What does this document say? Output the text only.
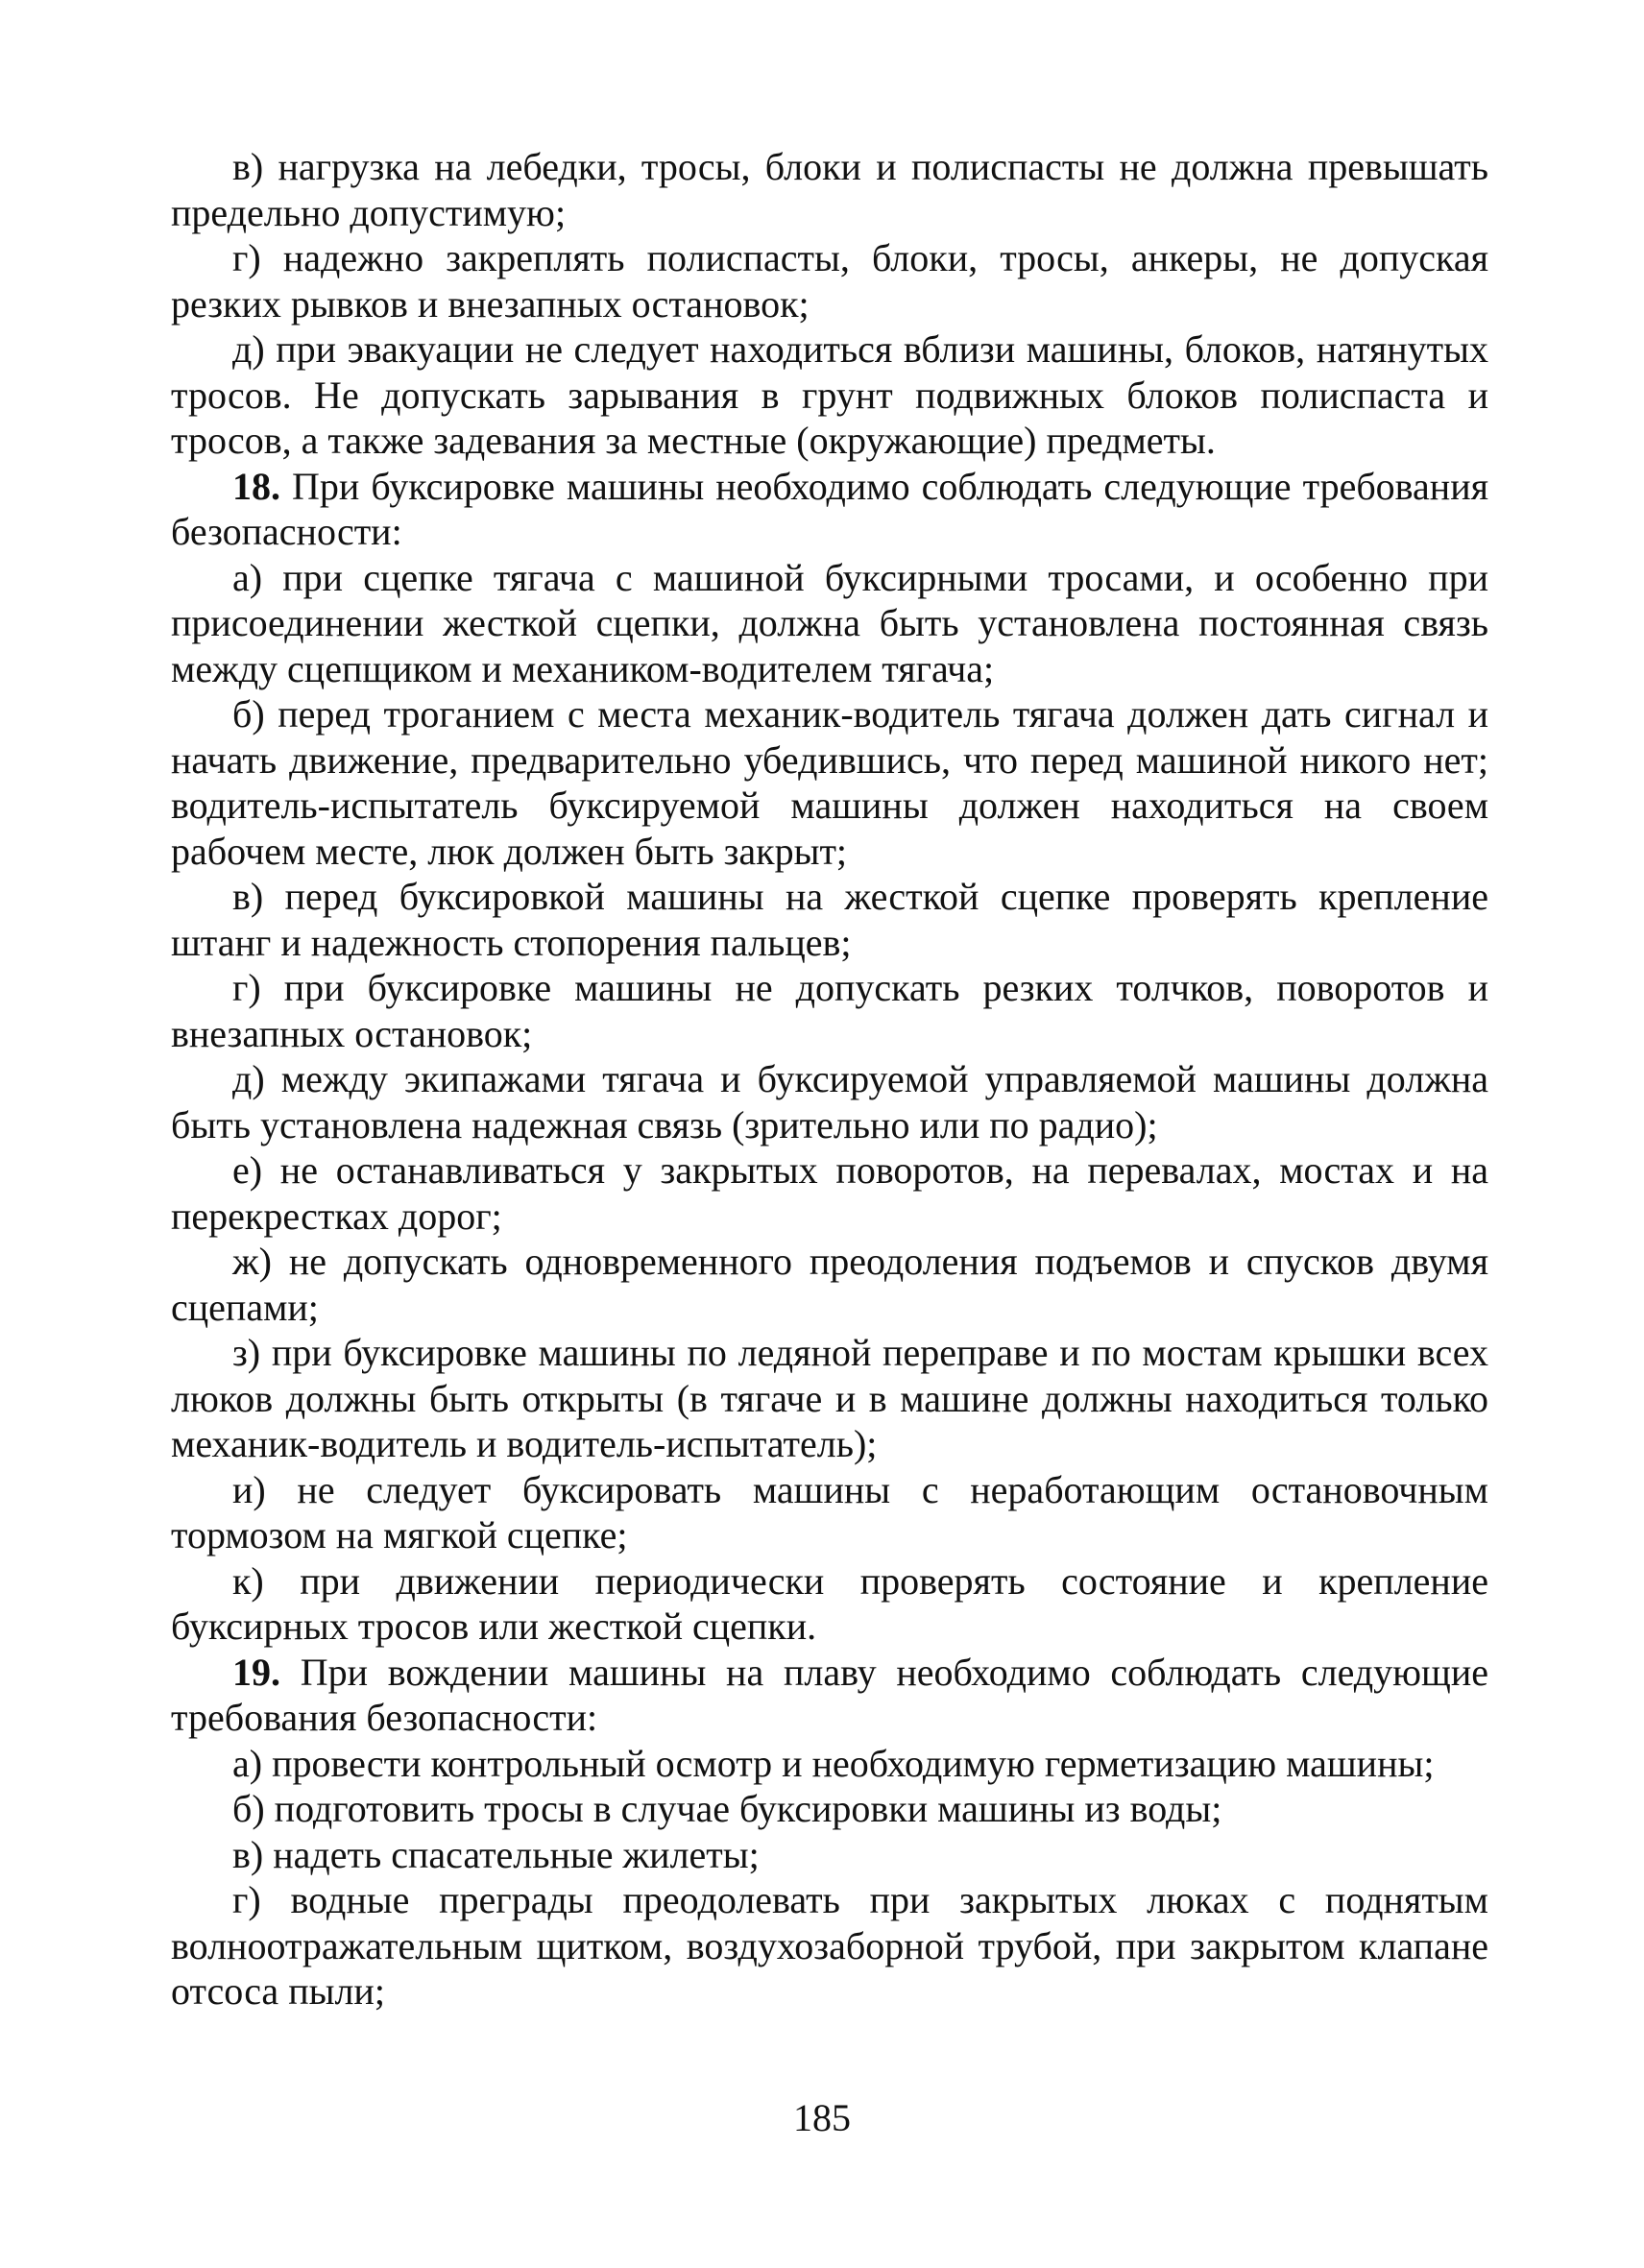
в) нагрузка на лебедки, тросы, блоки и полиспасты не должна превышать предельно допустимую;

г) надежно закреплять полиспасты, блоки, тросы, анкеры, не допуская резких рывков и внезапных остановок;

д) при эвакуации не следует находиться вблизи машины, блоков, натянутых тросов. Не допускать зарывания в грунт подвижных блоков полиспаста и тросов, а также задевания за местные (окружающие) предметы.

18. При буксировке машины необходимо соблюдать следующие требования безопасности:

а) при сцепке тягача с машиной буксирными тросами, и особенно при присоединении жесткой сцепки, должна быть установлена постоянная связь между сцепщиком и механиком-водителем тягача;

б) перед троганием с места механик-водитель тягача должен дать сигнал и начать движение, предварительно убедившись, что перед машиной никого нет; водитель-испытатель буксируемой машины должен находиться на своем рабочем месте, люк должен быть закрыт;

в) перед буксировкой машины на жесткой сцепке проверять крепление штанг и надежность стопорения пальцев;

г) при буксировке машины не допускать резких толчков, поворотов и внезапных остановок;

д) между экипажами тягача и буксируемой управляемой машины должна быть установлена надежная связь (зрительно или по радио);

е) не останавливаться у закрытых поворотов, на перевалах, мостах и на перекрестках дорог;

ж) не допускать одновременного преодоления подъемов и спусков двумя сцепами;

з) при буксировке машины по ледяной переправе и по мостам крышки всех люков должны быть открыты (в тягаче и в машине должны находиться только механик-водитель и водитель-испытатель);

и) не следует буксировать машины с неработающим остановочным тормозом на мягкой сцепке;

к) при движении периодически проверять состояние и крепление буксирных тросов или жесткой сцепки.

19. При вождении машины на плаву необходимо соблюдать следующие требования безопасности:

а) провести контрольный осмотр и необходимую герметизацию машины;

б) подготовить тросы в случае буксировки машины из воды;

в) надеть спасательные жилеты;

г) водные преграды преодолевать при закрытых люках с поднятым волноотражательным щитком, воздухозаборной трубой, при закрытом клапане отсоса пыли;

185
